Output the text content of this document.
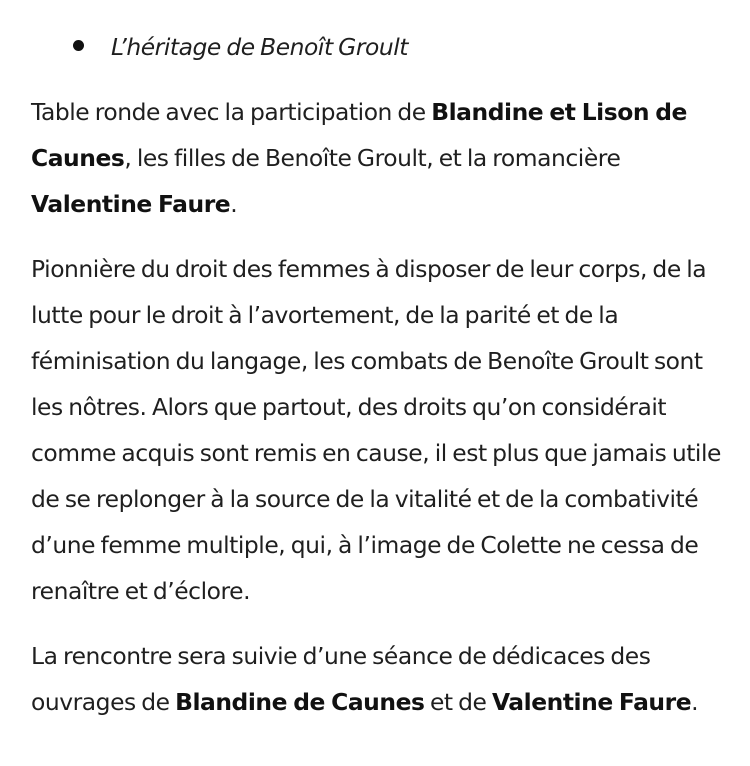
L’héritage de Benoît Groult

Table ronde avec la participation de Blandine et Lison de Caunes, les filles de Benoîte Groult, et la romancière Valentine Faure.

Pionnière du droit des femmes à disposer de leur corps, de la lutte pour le droit à l’avortement, de la parité et de la féminisation du langage, les combats de Benoîte Groult sont les nôtres. Alors que partout, des droits qu’on considérait comme acquis sont remis en cause, il est plus que jamais utile de se replonger à la source de la vitalité et de la combativité d’une femme multiple, qui, à l’image de Colette ne cessa de renaître et d’éclore.

La rencontre sera suivie d’une séance de dédicaces des ouvrages de Blandine de Caunes et de Valentine Faure.
